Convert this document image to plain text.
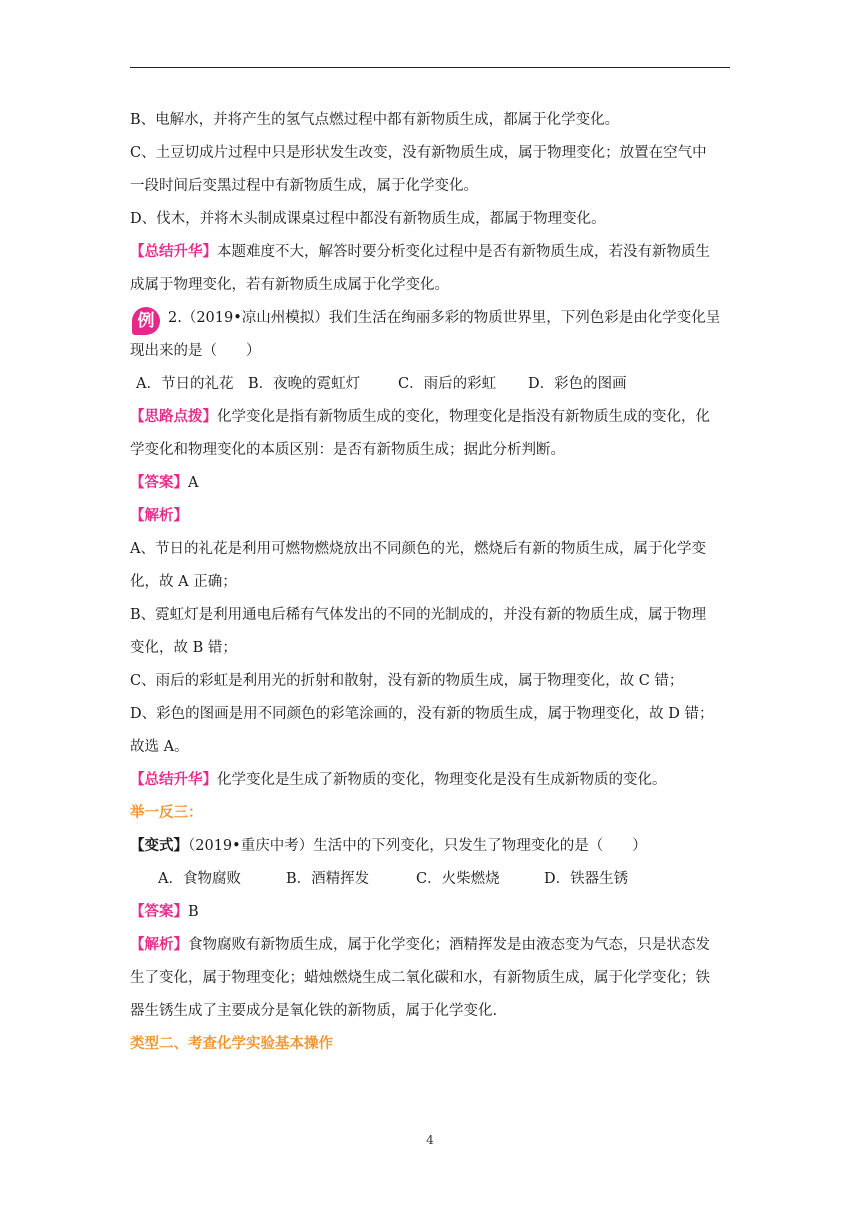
例
B、电解水，并将产生的氢气点燃过程中都有新物质生成，都属于化学变化。
C、土豆切成片过程中只是形状发生改变，没有新物质生成，属于物理变化；放置在空气中
一段时间后变黑过程中有新物质生成，属于化学变化。
D、伐木，并将木头制成课桌过程中都没有新物质生成，都属于物理变化。
【总结升华】本题难度不大，解答时要分析变化过程中是否有新物质生成，若没有新物质生
成属于物理变化，若有新物质生成属于化学变化。
2.（2019•凉山州模拟）我们生活在绚丽多彩的物质世界里，下列色彩是由化学变化呈
现出来的是（　　）
A．节日的礼花 B．夜晚的霓虹灯	C．雨后的彩虹 D．彩色的图画
【思路点拨】化学变化是指有新物质生成的变化，物理变化是指没有新物质生成的变化，化
学变化和物理变化的本质区别：是否有新物质生成；据此分析判断。
【答案】A
【解析】
A、节日的礼花是利用可燃物燃烧放出不同颜色的光，燃烧后有新的物质生成，属于化学变
化，故 A 正确；
B、霓虹灯是利用通电后稀有气体发出的不同的光制成的，并没有新的物质生成，属于物理
变化，故 B 错；
C、雨后的彩虹是利用光的折射和散射，没有新的物质生成，属于物理变化，故 C 错；
D、彩色的图画是用不同颜色的彩笔涂画的，没有新的物质生成，属于物理变化，故 D 错；
故选 A。
【总结升华】化学变化是生成了新物质的变化，物理变化是没有生成新物质的变化。
举一反三：
【变式】（2019•重庆中考）生活中的下列变化，只发生了物理变化的是（　　）
A．食物腐败	B．酒精挥发	C．火柴燃烧	D．铁器生锈
【答案】B
【解析】食物腐败有新物质生成，属于化学变化；酒精挥发是由液态变为气态，只是状态发
生了变化，属于物理变化；蜡烛燃烧生成二氧化碳和水，有新物质生成，属于化学变化；铁
器生锈生成了主要成分是氧化铁的新物质，属于化学变化.
类型二、考查化学实验基本操作
4
